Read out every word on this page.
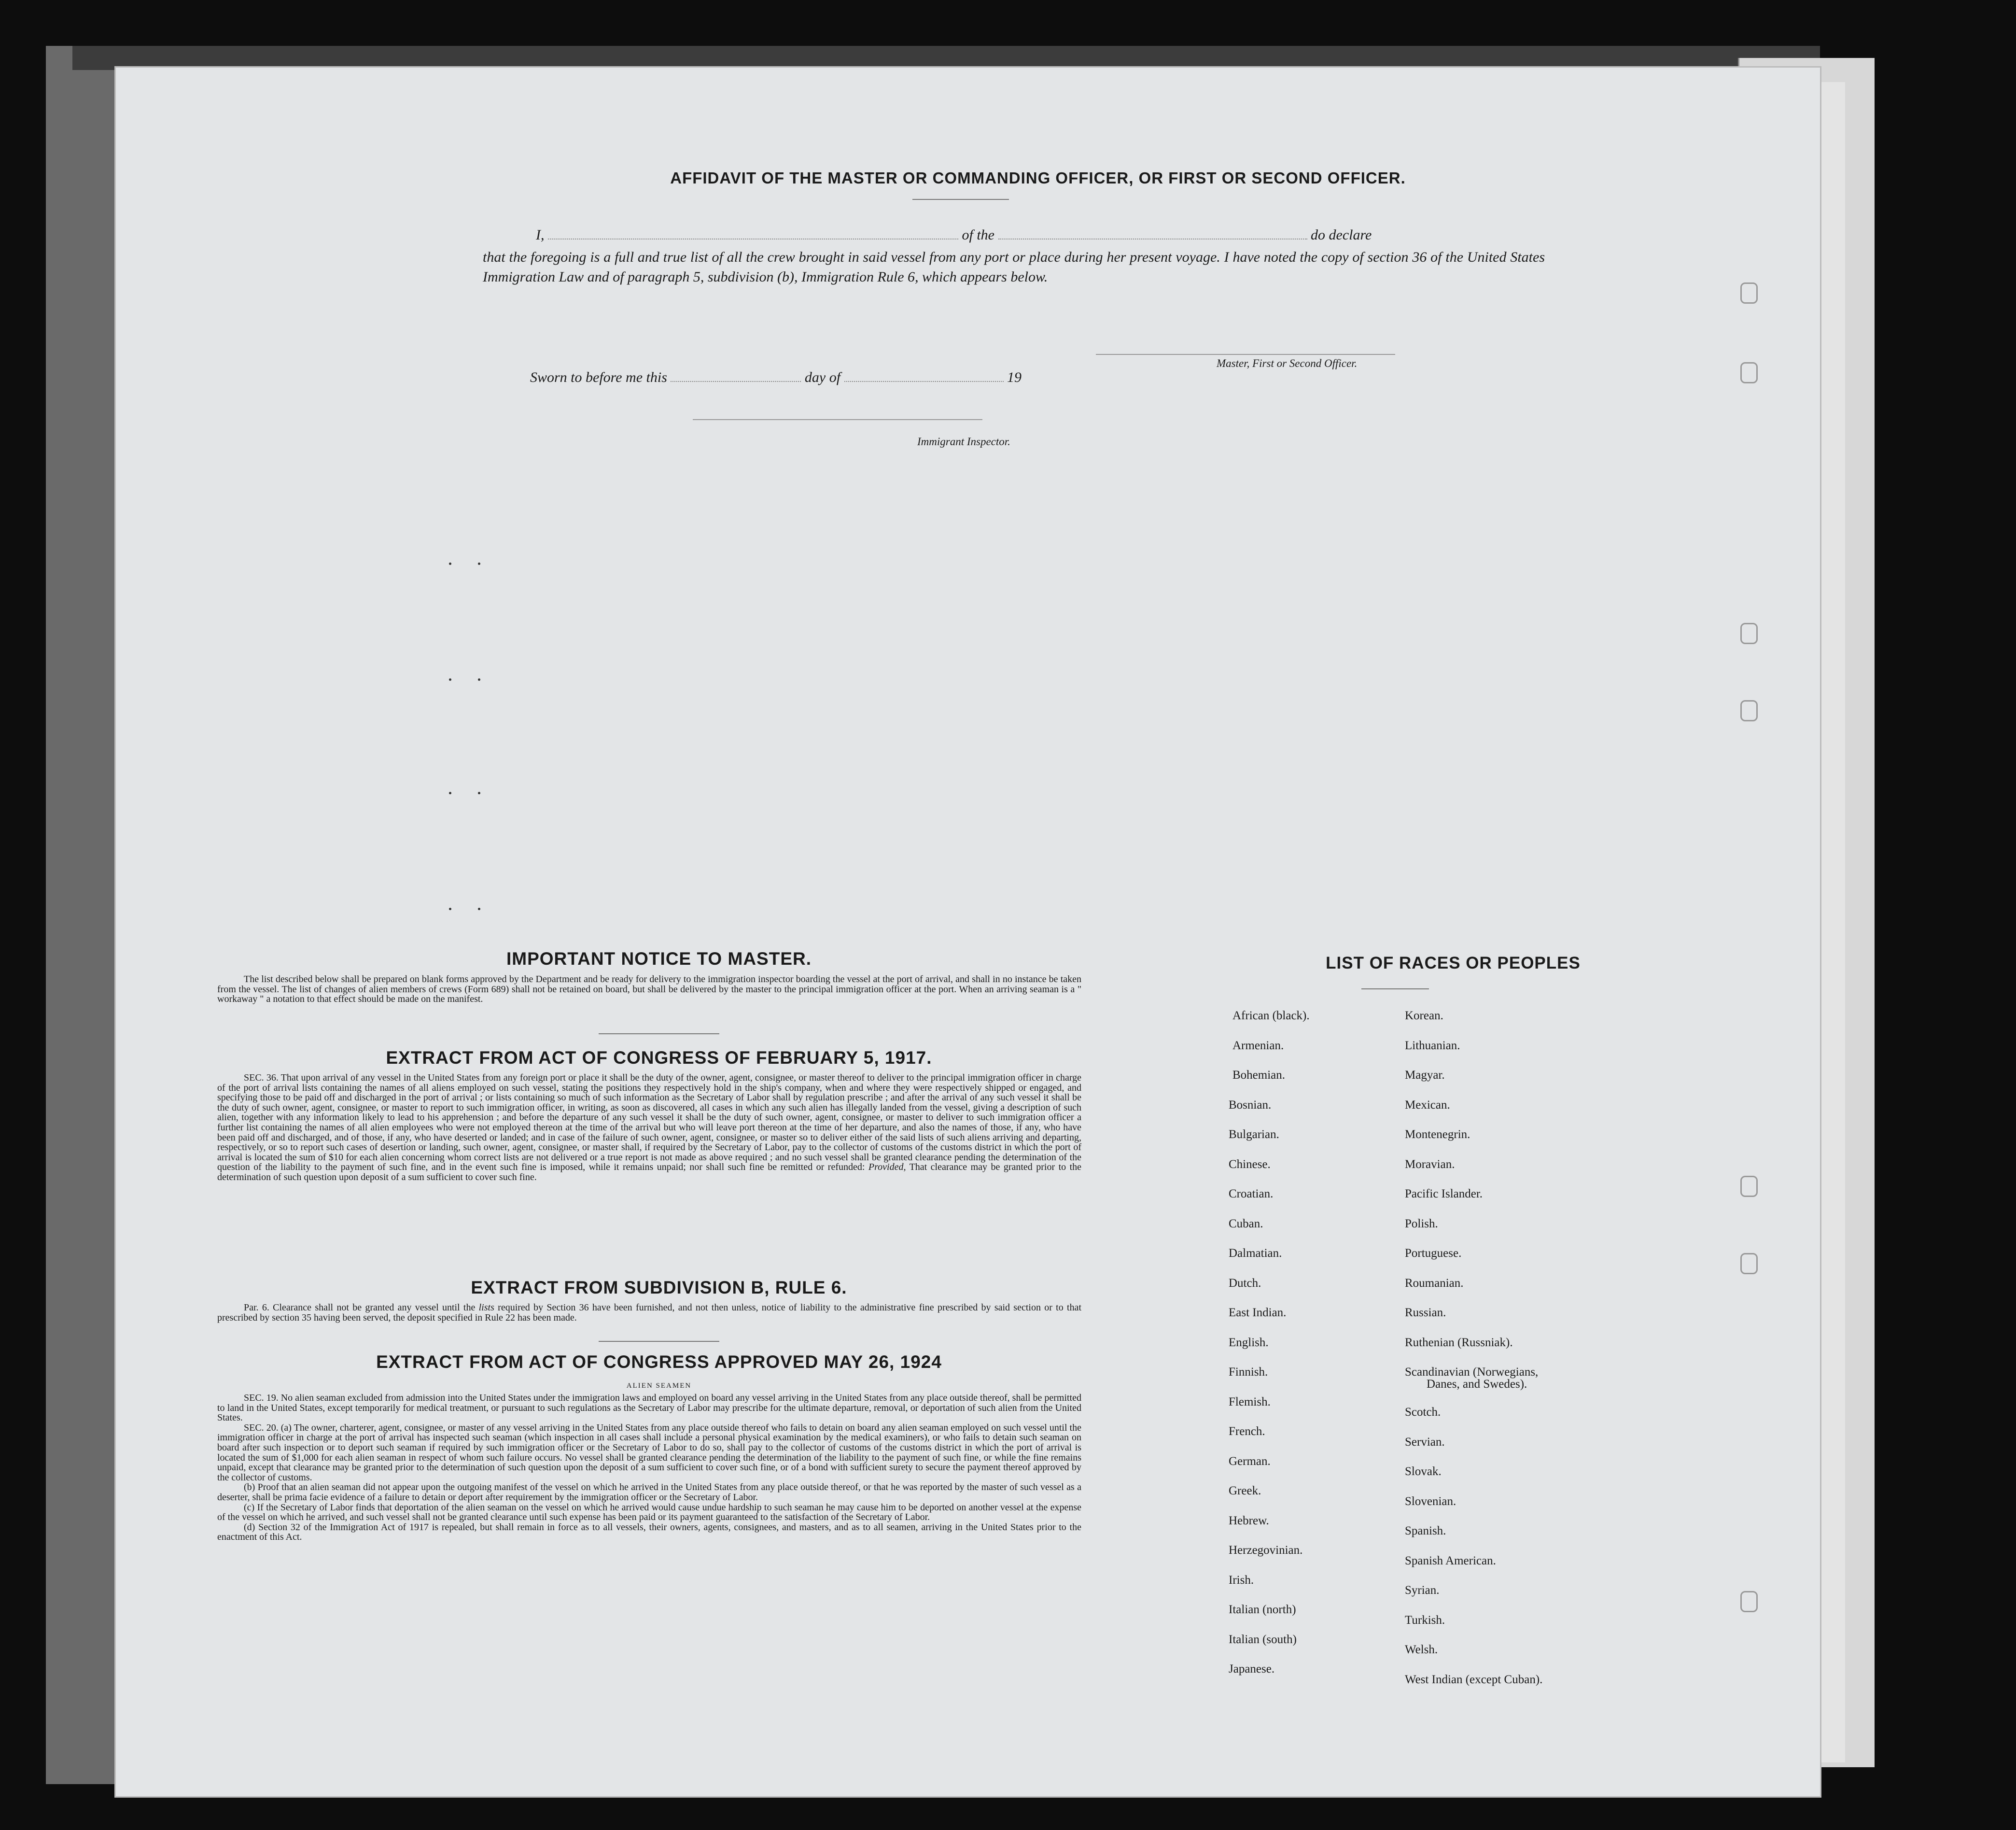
AFFIDAVIT OF THE MASTER OR COMMANDING OFFICER, OR FIRST OR SECOND OFFICER.
I,	of the	do declare
that the foregoing is a full and true list of all the crew brought in said vessel from any port or place during her present voyage. I have noted the copy of section 36 of the United States Immigration Law and of paragraph 5, subdivision (b), Immigration Rule 6, which appears below.
Master, First or Second Officer.
Sworn to before me this	day of	19
Immigrant Inspector.
IMPORTANT NOTICE TO MASTER.
The list described below shall be prepared on blank forms approved by the Department and be ready for delivery to the immigration inspector boarding the vessel at the port of arrival, and shall in no instance be taken from the vessel. The list of changes of alien members of crews (Form 689) shall not be retained on board, but shall be delivered by the master to the principal immigration officer at the port. When an arriving seaman is a " workaway " a notation to that effect should be made on the manifest.
EXTRACT FROM ACT OF CONGRESS OF FEBRUARY 5, 1917.
SEC. 36. That upon arrival of any vessel in the United States from any foreign port or place it shall be the duty of the owner, agent, consignee, or master thereof to deliver to the principal immigration officer in charge of the port of arrival lists containing the names of all aliens employed on such vessel, stating the positions they respectively hold in the ship's company, when and where they were respectively shipped or engaged, and specifying those to be paid off and discharged in the port of arrival ; or lists containing so much of such information as the Secretary of Labor shall by regulation prescribe ; and after the arrival of any such vessel it shall be the duty of such owner, agent, consignee, or master to report to such immigration officer, in writing, as soon as discovered, all cases in which any such alien has illegally landed from the vessel, giving a description of such alien, together with any information likely to lead to his apprehension ; and before the departure of any such vessel it shall be the duty of such owner, agent, consignee, or master to deliver to such immigration officer a further list containing the names of all alien employees who were not employed thereon at the time of the arrival but who will leave port thereon at the time of her departure, and also the names of those, if any, who have been paid off and discharged, and of those, if any, who have deserted or landed; and in case of the failure of such owner, agent, consignee, or master so to deliver either of the said lists of such aliens arriving and departing, respectively, or so to report such cases of desertion or landing, such owner, agent, consignee, or master shall, if required by the Secretary of Labor, pay to the collector of customs of the customs district in which the port of arrival is located the sum of $10 for each alien concerning whom correct lists are not delivered or a true report is not made as above required ; and no such vessel shall be granted clearance pending the determination of the question of the liability to the payment of such fine, and in the event such fine is imposed, while it remains unpaid; nor shall such fine be remitted or refunded: Provided, That clearance may be granted prior to the determination of such question upon deposit of a sum sufficient to cover such fine.
EXTRACT FROM SUBDIVISION B, RULE 6.
Par. 6. Clearance shall not be granted any vessel until the lists required by Section 36 have been furnished, and not then unless, notice of liability to the administrative fine prescribed by said section or to that prescribed by section 35 having been served, the deposit specified in Rule 22 has been made.
EXTRACT FROM ACT OF CONGRESS APPROVED MAY 26, 1924
ALIEN SEAMEN
SEC. 19. No alien seaman excluded from admission into the United States under the immigration laws and employed on board any vessel arriving in the United States from any place outside thereof, shall be permitted to land in the United States, except temporarily for medical treatment, or pursuant to such regulations as the Secretary of Labor may prescribe for the ultimate departure, removal, or deportation of such alien from the United States.
SEC. 20. (a) The owner, charterer, agent, consignee, or master of any vessel arriving in the United States from any place outside thereof who fails to detain on board any alien seaman employed on such vessel until the immigration officer in charge at the port of arrival has inspected such seaman (which inspection in all cases shall include a personal physical examination by the medical examiners), or who fails to detain such seaman on board after such inspection or to deport such seaman if required by such immigration officer or the Secretary of Labor to do so, shall pay to the collector of customs of the customs district in which the port of arrival is located the sum of $1,000 for each alien seaman in respect of whom such failure occurs. No vessel shall be granted clearance pending the determination of the liability to the payment of such fine, or while the fine remains unpaid, except that clearance may be granted prior to the determination of such question upon the deposit of a sum sufficient to cover such fine, or of a bond with sufficient surety to secure the payment thereof approved by the collector of customs.
(b) Proof that an alien seaman did not appear upon the outgoing manifest of the vessel on which he arrived in the United States from any place outside thereof, or that he was reported by the master of such vessel as a deserter, shall be prima facie evidence of a failure to detain or deport after requirement by the immigration officer or the Secretary of Labor.
(c) If the Secretary of Labor finds that deportation of the alien seaman on the vessel on which he arrived would cause undue hardship to such seaman he may cause him to be deported on another vessel at the expense of the vessel on which he arrived, and such vessel shall not be granted clearance until such expense has been paid or its payment guaranteed to the satisfaction of the Secretary of Labor.
(d) Section 32 of the Immigration Act of 1917 is repealed, but shall remain in force as to all vessels, their owners, agents, consignees, and masters, and as to all seamen, arriving in the United States prior to the enactment of this Act.
LIST OF RACES OR PEOPLES
African (black).
Armenian.
Bohemian.
Bosnian.
Bulgarian.
Chinese.
Croatian.
Cuban.
Dalmatian.
Dutch.
East Indian.
English.
Finnish.
Flemish.
French.
German.
Greek.
Hebrew.
Herzegovinian.
Irish.
Italian (north)
Italian (south)
Japanese.
Korean.
Lithuanian.
Magyar.
Mexican.
Montenegrin.
Moravian.
Pacific Islander.
Polish.
Portuguese.
Roumanian.
Russian.
Ruthenian (Russniak).
Scandinavian (Norwegians,
Danes, and Swedes).
Scotch.
Servian.
Slovak.
Slovenian.
Spanish.
Spanish American.
Syrian.
Turkish.
Welsh.
West Indian (except Cuban).
